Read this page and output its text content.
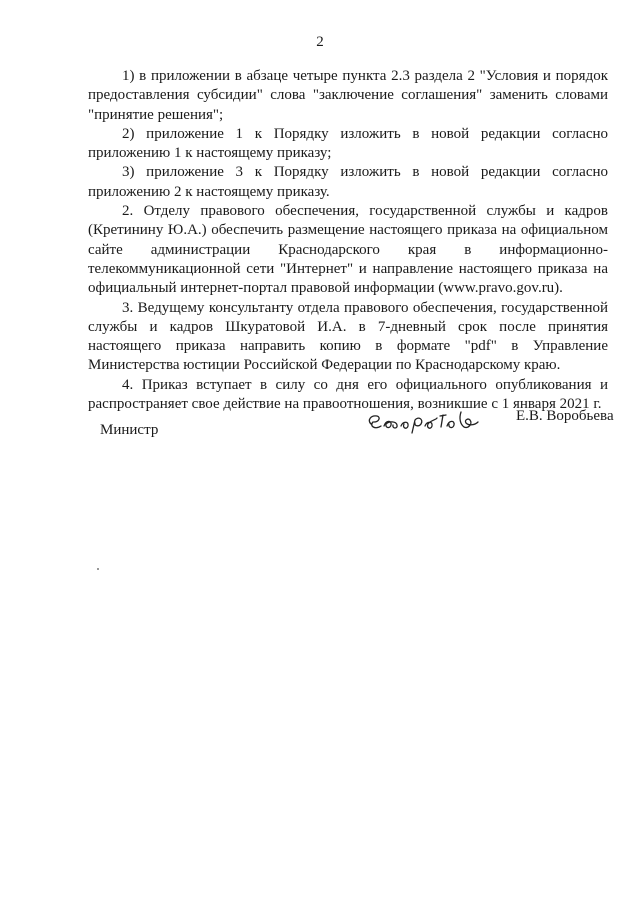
2

1) в приложении в абзаце четыре пункта 2.3 раздела 2 "Условия и порядок предоставления субсидии" слова "заключение соглашения" заменить словами "принятие решения";

2) приложение 1 к Порядку изложить в новой редакции согласно приложению 1 к настоящему приказу;

3) приложение 3 к Порядку изложить в новой редакции согласно приложению 2 к настоящему приказу.

2. Отделу правового обеспечения, государственной службы и кадров (Кретинину Ю.А.) обеспечить размещение настоящего приказа на официальном сайте администрации Краснодарского края в информационно-телекоммуникационной сети "Интернет" и направление настоящего приказа на официальный интернет-портал правовой информации (www.pravo.gov.ru).

3. Ведущему консультанту отдела правового обеспечения, государственной службы и кадров Шкуратовой И.А. в 7-дневный срок после принятия настоящего приказа направить копию в формате "pdf" в Управление Министерства юстиции Российской Федерации по Краснодарскому краю.

4. Приказ вступает в силу со дня его официального опубликования и распространяет свое действие на правоотношения, возникшие с 1 января 2021 г.

Министр
Е.В. Воробьева
